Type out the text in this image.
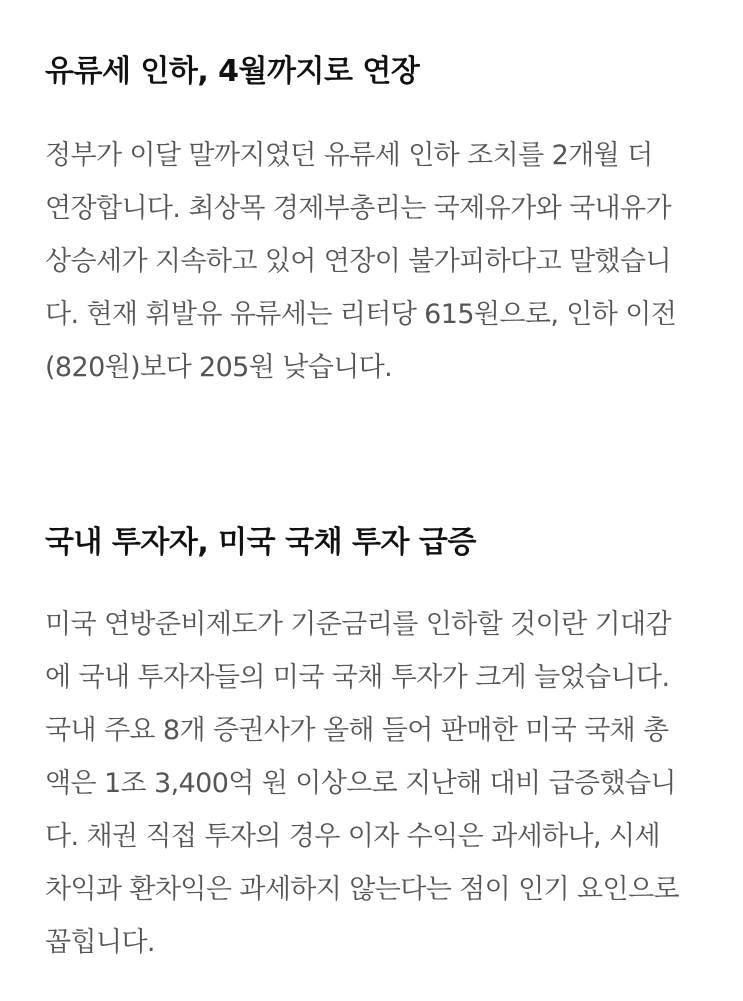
유류세 인하, 4월까지로 연장

정부가 이달 말까지였던 유류세 인하 조치를 2개월 더
연장합니다. 최상목 경제부총리는 국제유가와 국내유가
상승세가 지속하고 있어 연장이 불가피하다고 말했습니
다. 현재 휘발유 유류세는 리터당 615원으로, 인하 이전
(820원)보다 205원 낮습니다.

국내 투자자, 미국 국채 투자 급증

미국 연방준비제도가 기준금리를 인하할 것이란 기대감
에 국내 투자자들의 미국 국채 투자가 크게 늘었습니다.
국내 주요 8개 증권사가 올해 들어 판매한 미국 국채 총
액은 1조 3,400억 원 이상으로 지난해 대비 급증했습니
다. 채권 직접 투자의 경우 이자 수익은 과세하나, 시세
차익과 환차익은 과세하지 않는다는 점이 인기 요인으로
꼽힙니다.
